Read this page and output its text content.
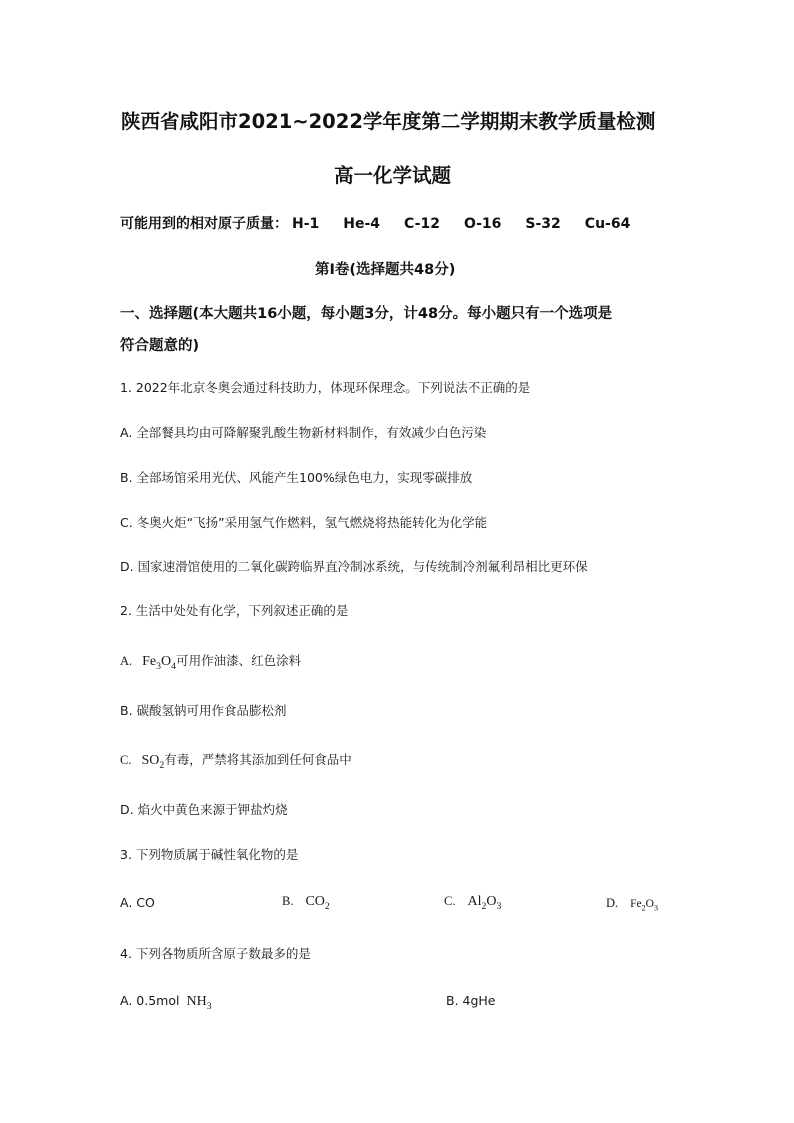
陕西省咸阳市2021~2022学年度第二学期期末教学质量检测
高一化学试题
可能用到的相对原子质量： H-1 He-4 C-12 O-16 S-32 Cu-64
第Ⅰ卷(选择题共48分)
一、选择题(本大题共16小题，每小题3分，计48分。每小题只有一个选项是
符合题意的)
1. 2022年北京冬奥会通过科技助力，体现环保理念。下列说法不正确的是
A. 全部餐具均由可降解聚乳酸生物新材料制作，有效减少白色污染
B. 全部场馆采用光伏、风能产生100%绿色电力，实现零碳排放
C. 冬奥火炬“飞扬”采用氢气作燃料，氢气燃烧将热能转化为化学能
D. 国家速滑馆使用的二氧化碳跨临界直冷制冰系统，与传统制冷剂氟利昂相比更环保
2. 生活中处处有化学，下列叙述正确的是
A. $Fe_3O_4$可用作油漆、红色涂料
B. 碳酸氢钠可用作食品膨松剂
C. $SO_2$有毒，严禁将其添加到任何食品中
D. 焰火中黄色来源于钾盐灼烧
3. 下列物质属于碱性氧化物的是
A. CO	B. $CO_2$	C. $Al_2O_3$	D. $Fe_2O_3$
4. 下列各物质所含原子数最多的是
A. 0.5mol $NH_3$	B. 4gHe
